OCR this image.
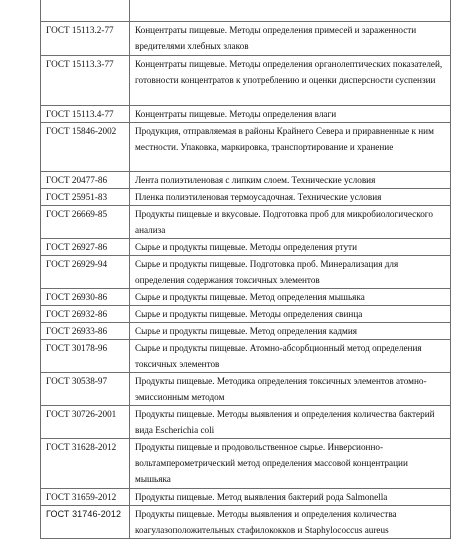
ГОСТ 15113.2-77	Концентраты пищевые. Методы определения примесей и зараженности вредителями хлебных злаков
ГОСТ 15113.3-77	Концентраты пищевые. Методы определения органолептических показателей, готовности концентратов к употреблению и оценки дисперсности суспензии
ГОСТ 15113.4-77	Концентраты пищевые. Методы определения влаги
ГОСТ 15846-2002	Продукция, отправляемая в районы Крайнего Севера и приравненные к ним местности. Упаковка, маркировка, транспортирование и хранение
ГОСТ 20477-86	Лента полиэтиленовая с липким слоем. Технические условия
ГОСТ 25951-83	Пленка полиэтиленовая термоусадочная. Технические условия
ГОСТ 26669-85	Продукты пищевые и вкусовые. Подготовка проб для микробиологического анализа
ГОСТ 26927-86	Сырье и продукты пищевые. Методы определения ртути
ГОСТ 26929-94	Сырье и продукты пищевые. Подготовка проб. Минерализация для определения содержания токсичных элементов
ГОСТ 26930-86	Сырье и продукты пищевые. Метод определения мышьяка
ГОСТ 26932-86	Сырье и продукты пищевые. Методы определения свинца
ГОСТ 26933-86	Сырье и продукты пищевые. Метод определения кадмия
ГОСТ 30178-96	Сырье и продукты пищевые. Атомно-абсорбционный метод определения токсичных элементов
ГОСТ 30538-97	Продукты пищевые. Методика определения токсичных элементов атомно-эмиссионным методом
ГОСТ 30726-2001	Продукты пищевые. Методы выявления и определения количества бактерий вида Escherichia coli
ГОСТ 31628-2012	Продукты пищевые и продовольственное сырье. Инверсионно-вольтамперометрический метод определения массовой концентрации мышьяка
ГОСТ 31659-2012	Продукты пищевые. Метод выявления бактерий рода Salmonella
ГОСТ 31746-2012	Продукты пищевые. Методы выявления и определения количества коагулазоположительных стафилококков и Staphylococcus aureus
